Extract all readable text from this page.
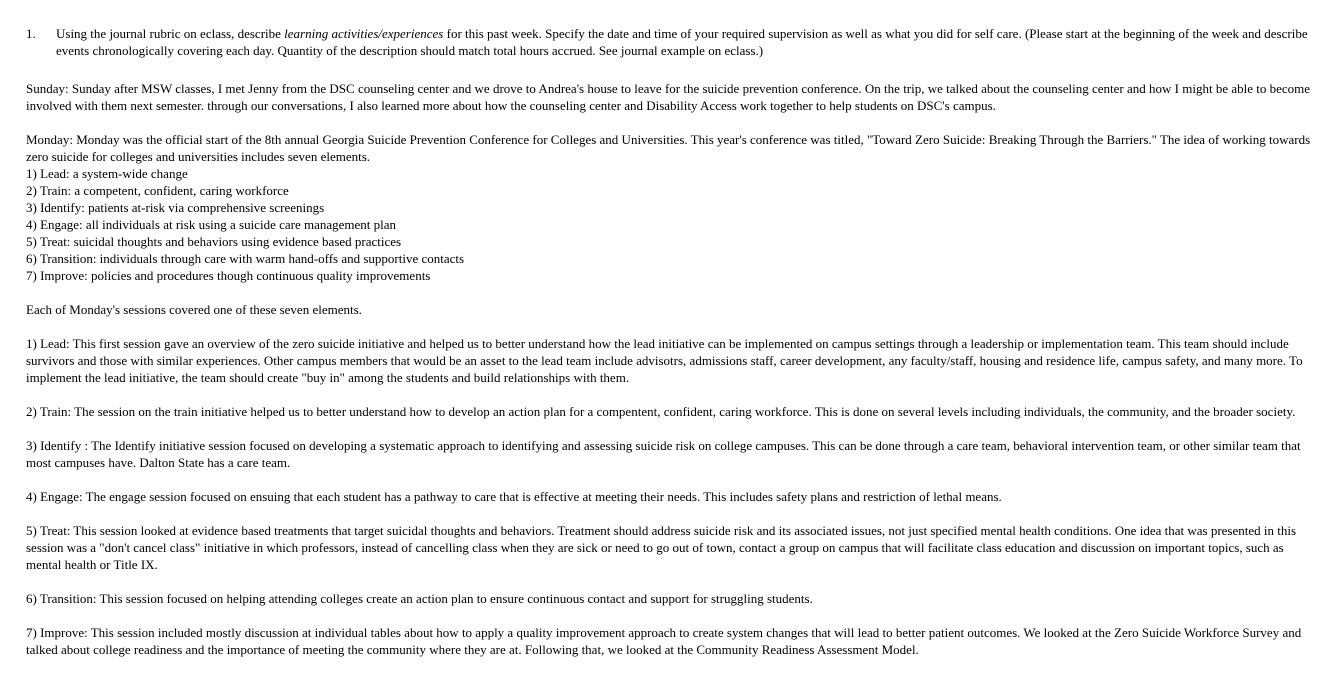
1. Using the journal rubric on eclass, describe learning activities/experiences for this past week. Specify the date and time of your required supervision as well as what you did for self care. (Please start at the beginning of the week and describe events chronologically covering each day. Quantity of the description should match total hours accrued. See journal example on eclass.)

Sunday: Sunday after MSW classes, I met Jenny from the DSC counseling center and we drove to Andrea's house to leave for the suicide prevention conference. On the trip, we talked about the counseling center and how I might be able to become involved with them next semester. through our conversations, I also learned more about how the counseling center and Disability Access work together to help students on DSC's campus.

Monday: Monday was the official start of the 8th annual Georgia Suicide Prevention Conference for Colleges and Universities. This year's conference was titled, "Toward Zero Suicide: Breaking Through the Barriers." The idea of working towards zero suicide for colleges and universities includes seven elements.
1) Lead: a system-wide change
2) Train: a competent, confident, caring workforce
3) Identify: patients at-risk via comprehensive screenings
4) Engage: all individuals at risk using a suicide care management plan
5) Treat: suicidal thoughts and behaviors using evidence based practices
6) Transition: individuals through care with warm hand-offs and supportive contacts
7) Improve: policies and procedures though continuous quality improvements

Each of Monday's sessions covered one of these seven elements.

1) Lead: This first session gave an overview of the zero suicide initiative and helped us to better understand how the lead initiative can be implemented on campus settings through a leadership or implementation team. This team should include survivors and those with similar experiences. Other campus members that would be an asset to the lead team include advisotrs, admissions staff, career development, any faculty/staff, housing and residence life, campus safety, and many more. To implement the lead initiative, the team should create "buy in" among the students and build relationships with them.

2) Train: The session on the train initiative helped us to better understand how to develop an action plan for a compentent, confident, caring workforce. This is done on several levels including individuals, the community, and the broader society.

3) Identify : The Identify initiative session focused on developing a systematic approach to identifying and assessing suicide risk on college campuses. This can be done through a care team, behavioral intervention team, or other similar team that most campuses have. Dalton State has a care team.

4) Engage: The engage session focused on ensuing that each student has a pathway to care that is effective at meeting their needs. This includes safety plans and restriction of lethal means.

5) Treat: This session looked at evidence based treatments that target suicidal thoughts and behaviors. Treatment should address suicide risk and its associated issues, not just specified mental health conditions. One idea that was presented in this session was a "don't cancel class" initiative in which professors, instead of cancelling class when they are sick or need to go out of town, contact a group on campus that will facilitate class education and discussion on important topics, such as mental health or Title IX.

6) Transition: This session focused on helping attending colleges create an action plan to ensure continuous contact and support for struggling students.

7) Improve: This session included mostly discussion at individual tables about how to apply a quality improvement approach to create system changes that will lead to better patient outcomes. We looked at the Zero Suicide Workforce Survey and talked about college readiness and the importance of meeting the community where they are at. Following that, we looked at the Community Readiness Assessment Model.
